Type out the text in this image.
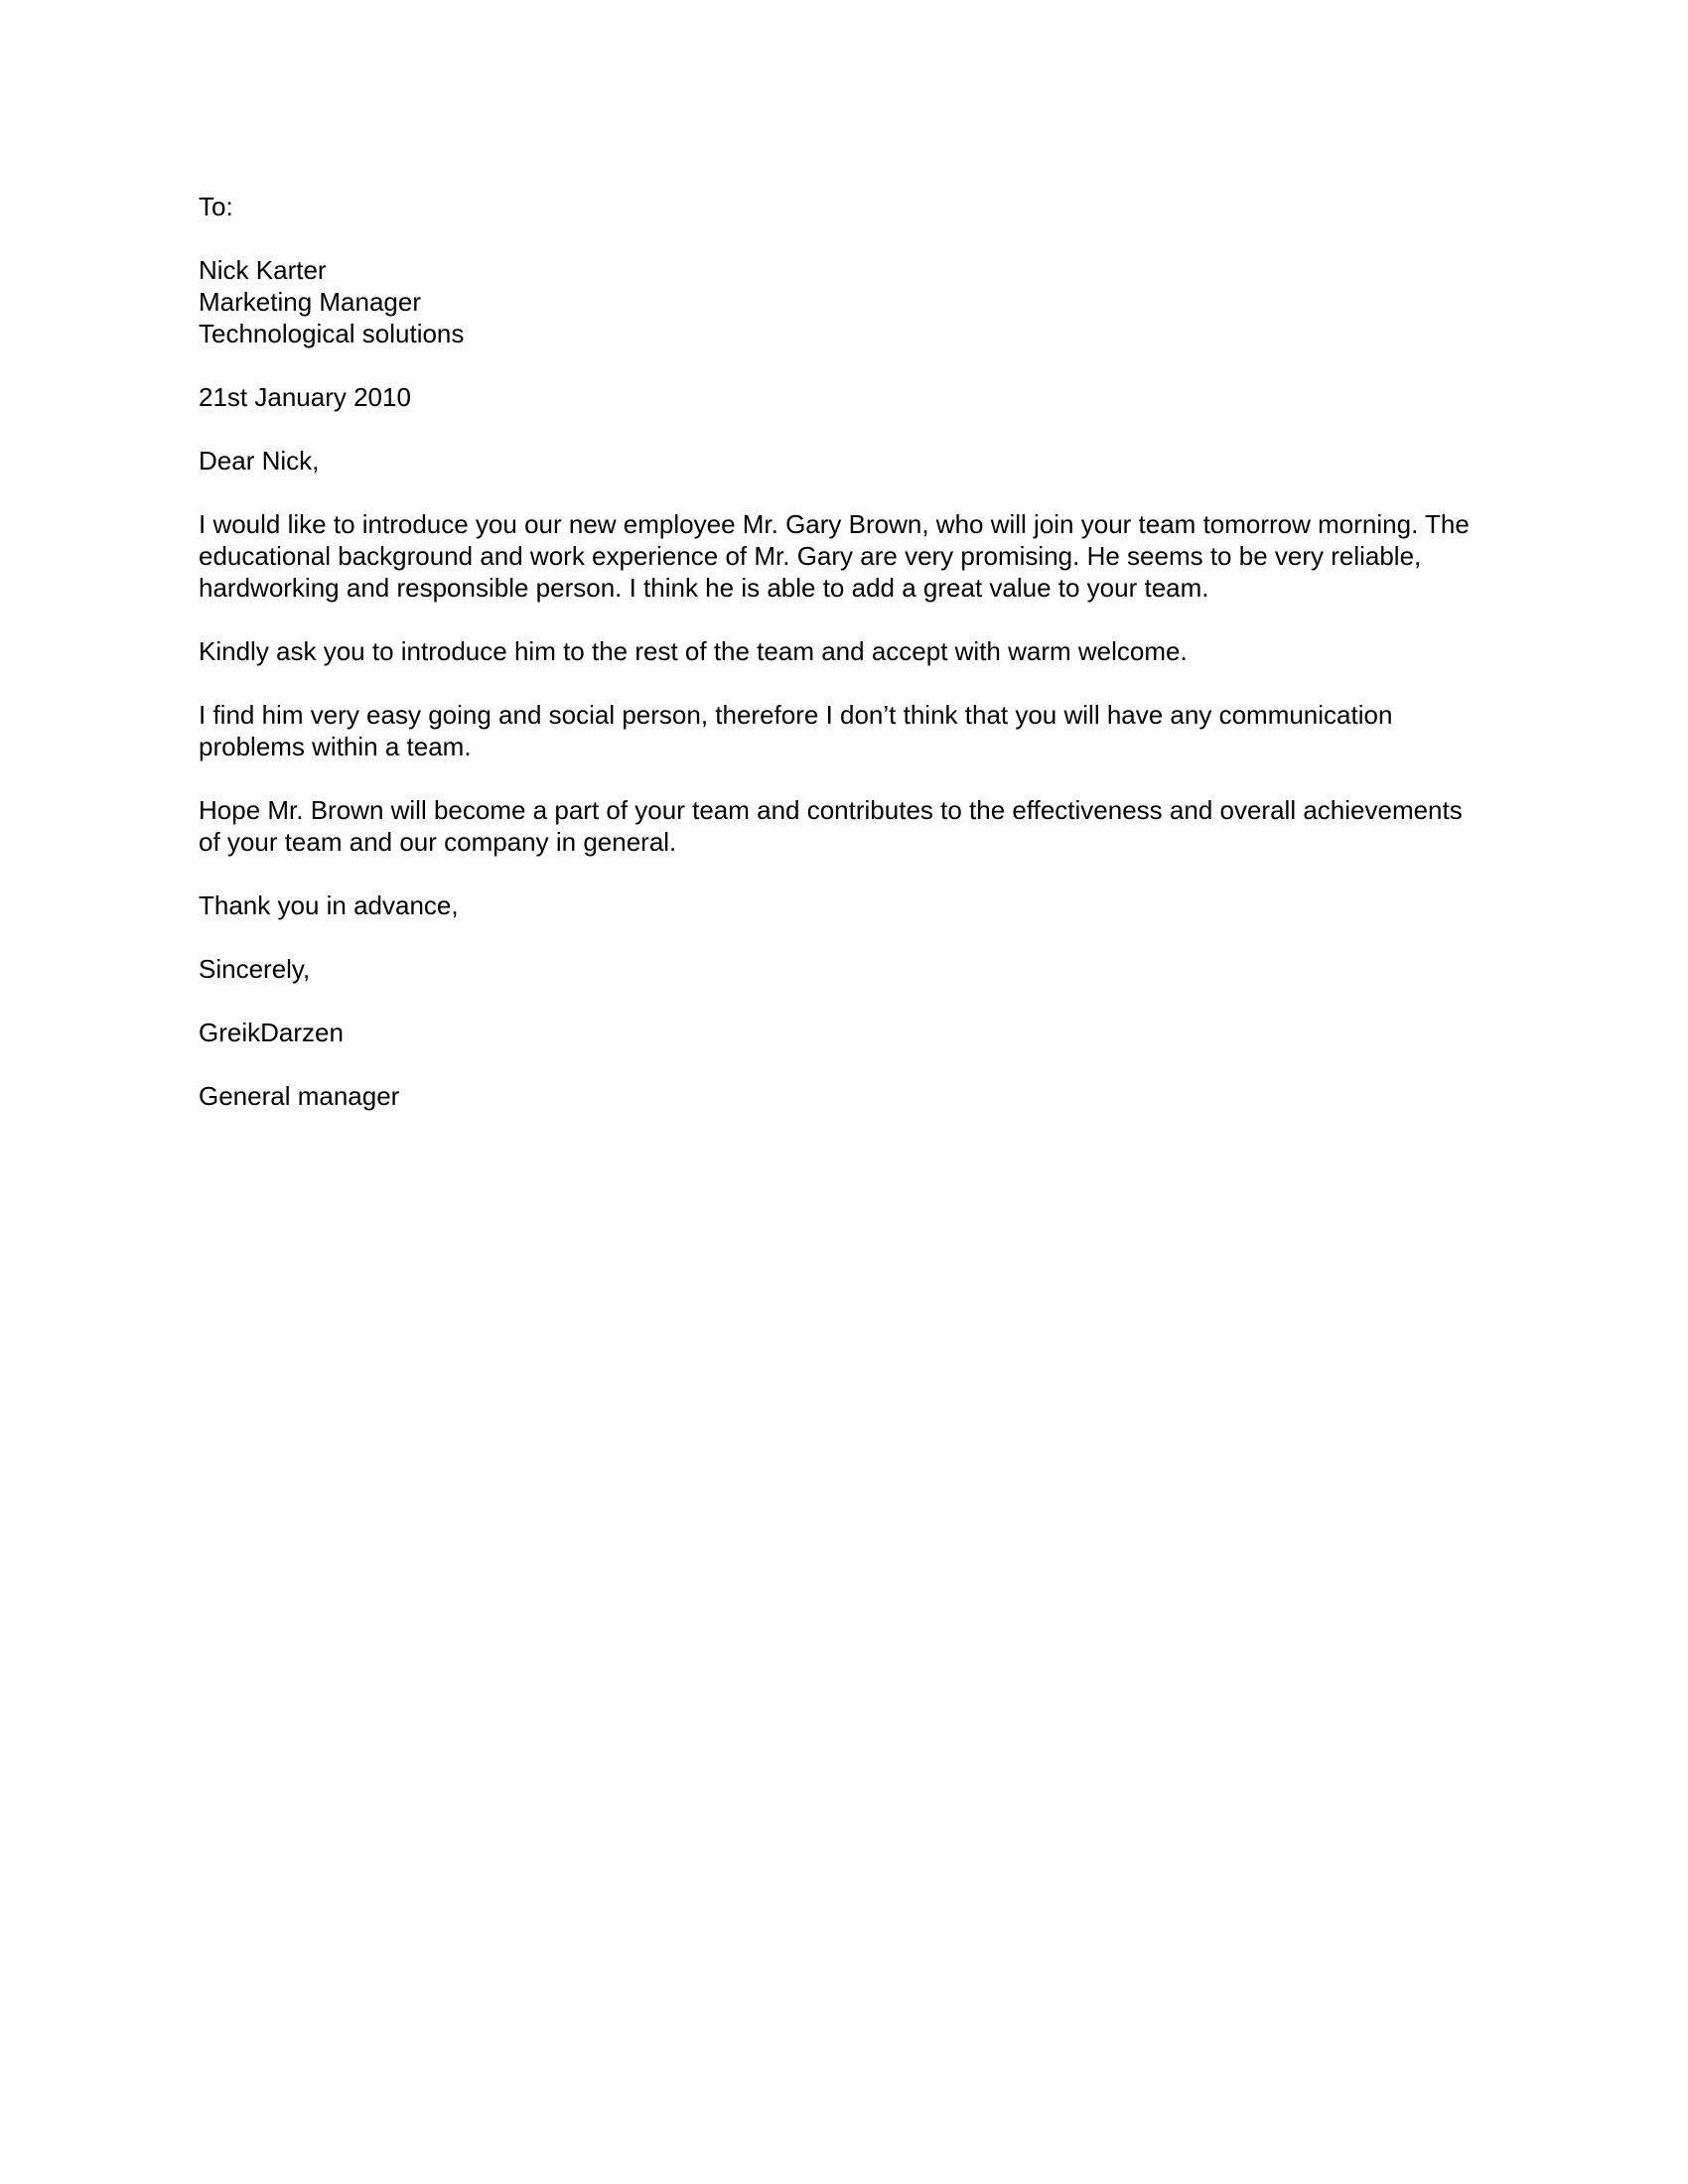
To:

Nick Karter
Marketing Manager
Technological solutions

21st January 2010

Dear Nick,

I would like to introduce you our new employee Mr. Gary Brown, who will join your team tomorrow morning. The educational background and work experience of Mr. Gary are very promising. He seems to be very reliable, hardworking and responsible person. I think he is able to add a great value to your team.

Kindly ask you to introduce him to the rest of the team and accept with warm welcome.

I find him very easy going and social person, therefore I don’t think that you will have any communication problems within a team.

Hope Mr. Brown will become a part of your team and contributes to the effectiveness and overall achievements of your team and our company in general.

Thank you in advance,

Sincerely,

GreikDarzen

General manager
